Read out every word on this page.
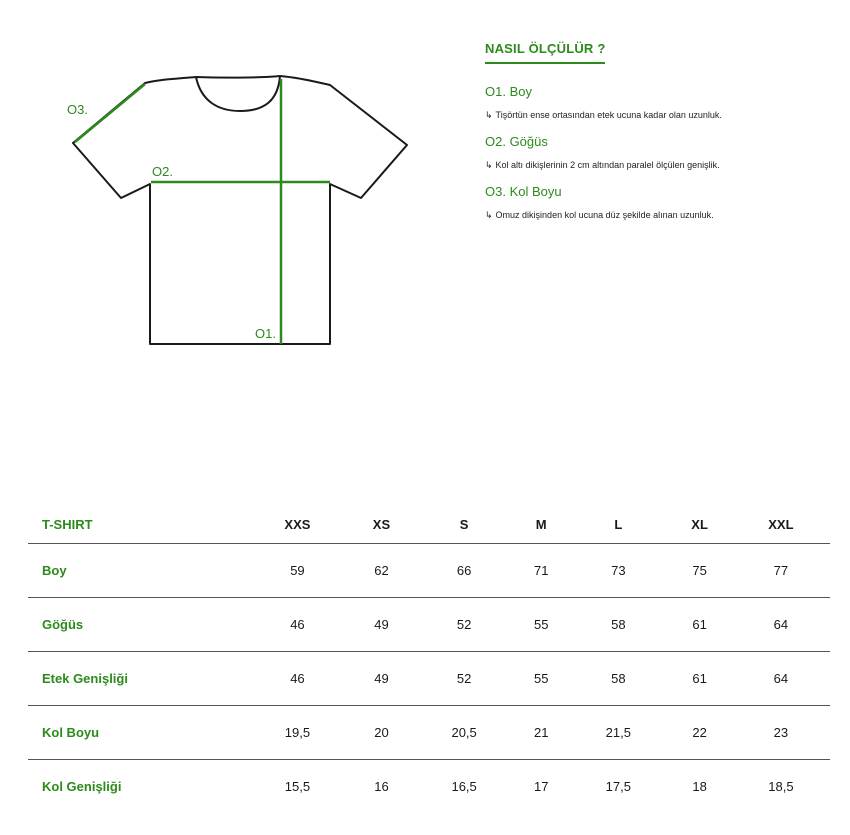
O3.
O2.
O1.
NASIL ÖLÇÜLÜR ?

O1. Boy

↳ Tişörtün ense ortasından etek ucuna kadar olan uzunluk.

O2. Göğüs

↳ Kol altı dikişlerinin 2 cm altından paralel ölçülen genişlik.

O3. Kol Boyu

↳ Omuz dikişinden kol ucuna düz şekilde alınan uzunluk.

T-SHIRT	XXS	XS	S	M	L	XL	XXL
Boy	59	62	66	71	73	75	77
Göğüs	46	49	52	55	58	61	64
Etek Genişliği	46	49	52	55	58	61	64
Kol Boyu	19,5	20	20,5	21	21,5	22	23
Kol Genişliği	15,5	16	16,5	17	17,5	18	18,5
